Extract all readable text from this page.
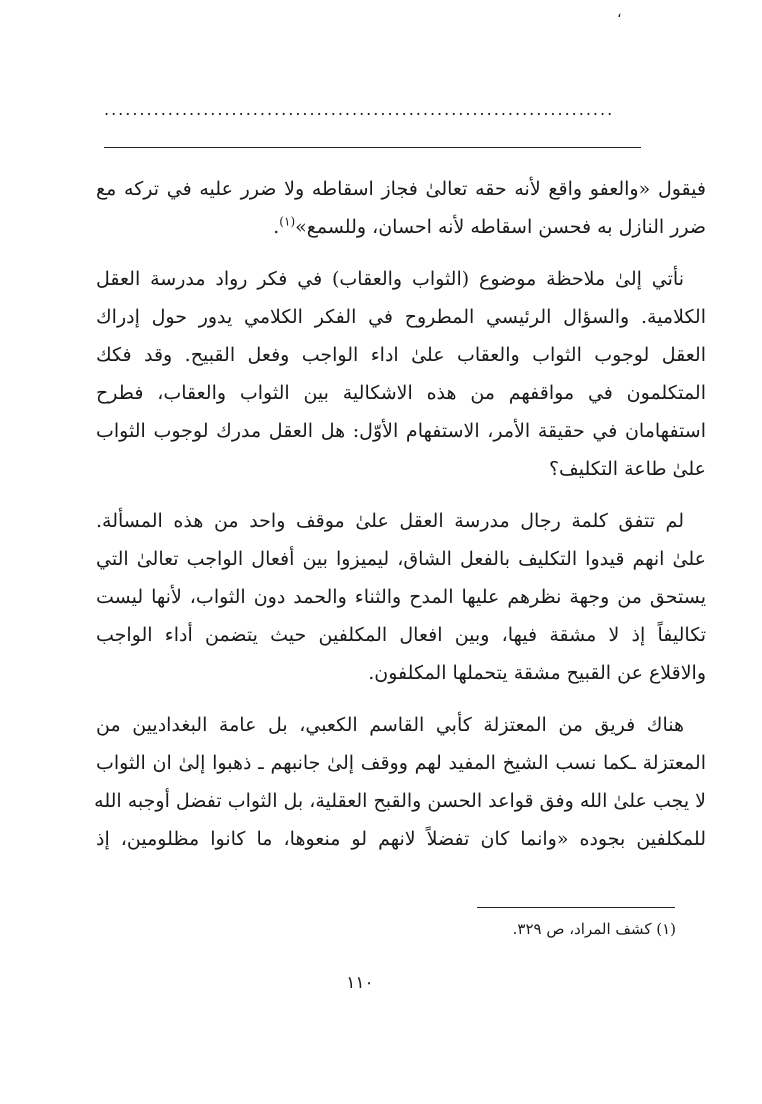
،
........................................................................
فيقول «والعفو واقع لأنه حقه تعالىٰ فجاز اسقاطه ولا ضرر عليه في تركه مع
ضرر النازل به فحسن اسقاطه لأنه احسان، وللسمع»$^{(١)}$.
نأتي إلىٰ ملاحظة موضوع (الثواب والعقاب) في فكر رواد مدرسة العقل
الكلامية. والسؤال الرئيسي المطروح في الفكر الكلامي يدور حول إدراك
العقل لوجوب الثواب والعقاب علىٰ اداء الواجب وفعل القبيح. وقد فكك
المتكلمون في مواقفهم من هذه الاشكالية بين الثواب والعقاب، فطرح
استفهامان في حقيقة الأمر، الاستفهام الأوّل: هل العقل مدرك لوجوب الثواب
علىٰ طاعة التكليف؟
لم تتفق كلمة رجال مدرسة العقل علىٰ موقف واحد من هذه المسألة.
علىٰ انهم قيدوا التكليف بالفعل الشاق، ليميزوا بين أفعال الواجب تعالىٰ التي
يستحق من وجهة نظرهم عليها المدح والثناء والحمد دون الثواب، لأنها ليست
تكاليفاً إذ لا مشقة فيها، وبين افعال المكلفين حيث يتضمن أداء الواجب
والاقلاع عن القبيح مشقة يتحملها المكلفون.
هناك فريق من المعتزلة كأبي القاسم الكعبي، بل عامة البغداديين من
المعتزلة ـكما نسب الشيخ المفيد لهم ووقف إلىٰ جانبهم ـ ذهبوا إلىٰ ان الثواب
لا يجب علىٰ الله وفق قواعد الحسن والقبح العقلية، بل الثواب تفضل أوجبه الله
للمكلفين بجوده «وانما كان تفضلاً لانهم لو منعوها، ما كانوا مظلومين، إذ
(١) كشف المراد، ص ٣٢٩.
١١٠
